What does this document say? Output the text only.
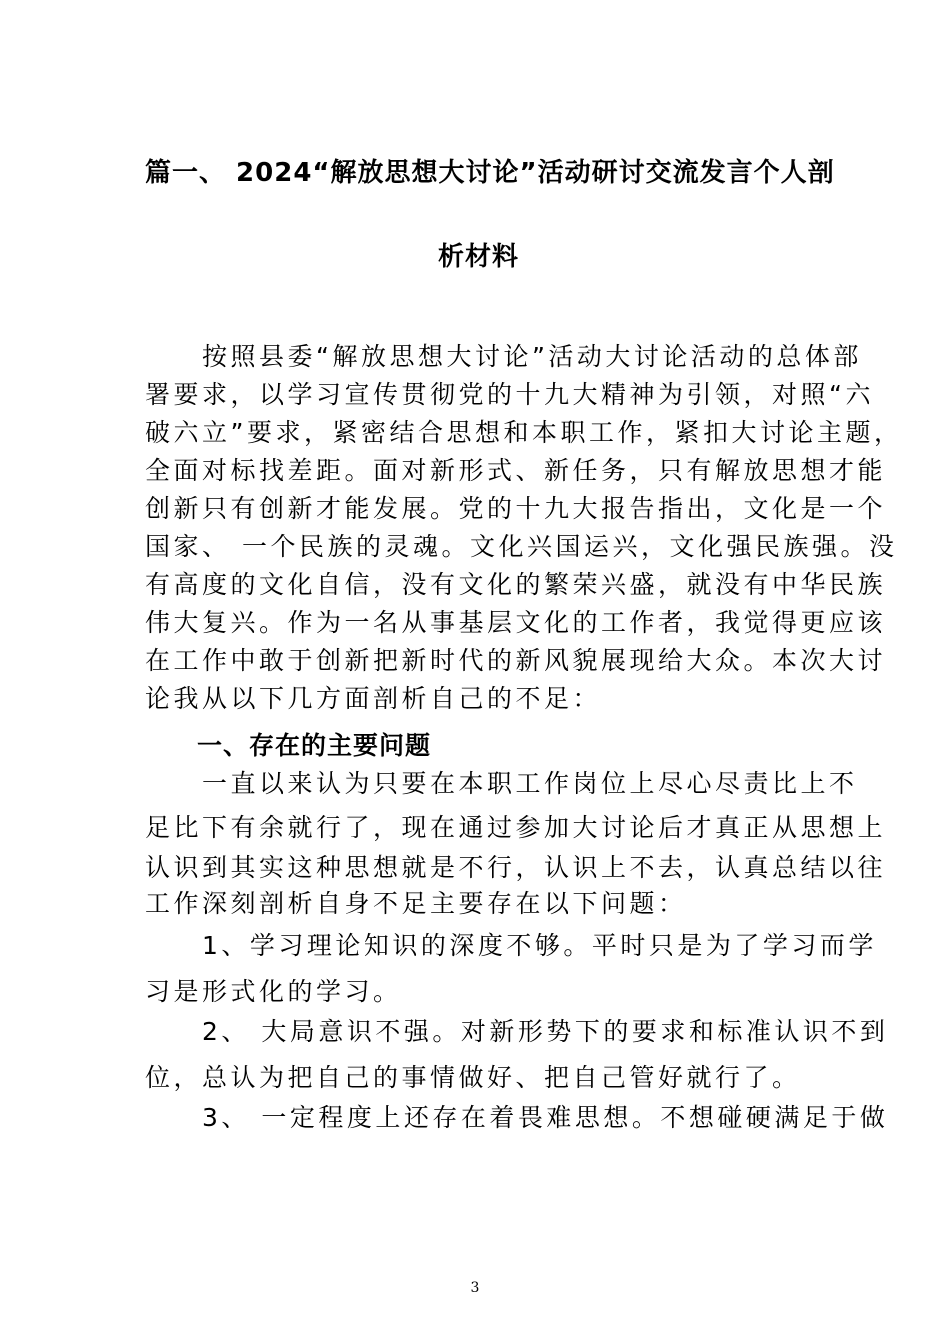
篇一、 2024“解放思想大讨论”活动研讨交流发言个人剖
析材料
　　按照县委“解放思想大讨论”活动大讨论活动的总体部
署要求，以学习宣传贯彻党的十九大精神为引领，对照“六
破六立”要求，紧密结合思想和本职工作，紧扣大讨论主题，
全面对标找差距。面对新形式、新任务，只有解放思想才能
创新只有创新才能发展。党的十九大报告指出，文化是一个
国家、 一个民族的灵魂。文化兴国运兴，文化强民族强。没
有高度的文化自信，没有文化的繁荣兴盛，就没有中华民族
伟大复兴。作为一名从事基层文化的工作者，我觉得更应该
在工作中敢于创新把新时代的新风貌展现给大众。本次大讨
论我从以下几方面剖析自己的不足：
　　一、存在的主要问题
　　一直以来认为只要在本职工作岗位上尽心尽责比上不
足比下有余就行了，现在通过参加大讨论后才真正从思想上
认识到其实这种思想就是不行，认识上不去，认真总结以往
工作深刻剖析自身不足主要存在以下问题：
　　1、学习理论知识的深度不够。平时只是为了学习而学
习是形式化的学习。
　　2、 大局意识不强。对新形势下的要求和标准认识不到
位，总认为把自己的事情做好、把自己管好就行了。
　　3、 一定程度上还存在着畏难思想。不想碰硬满足于做
3
